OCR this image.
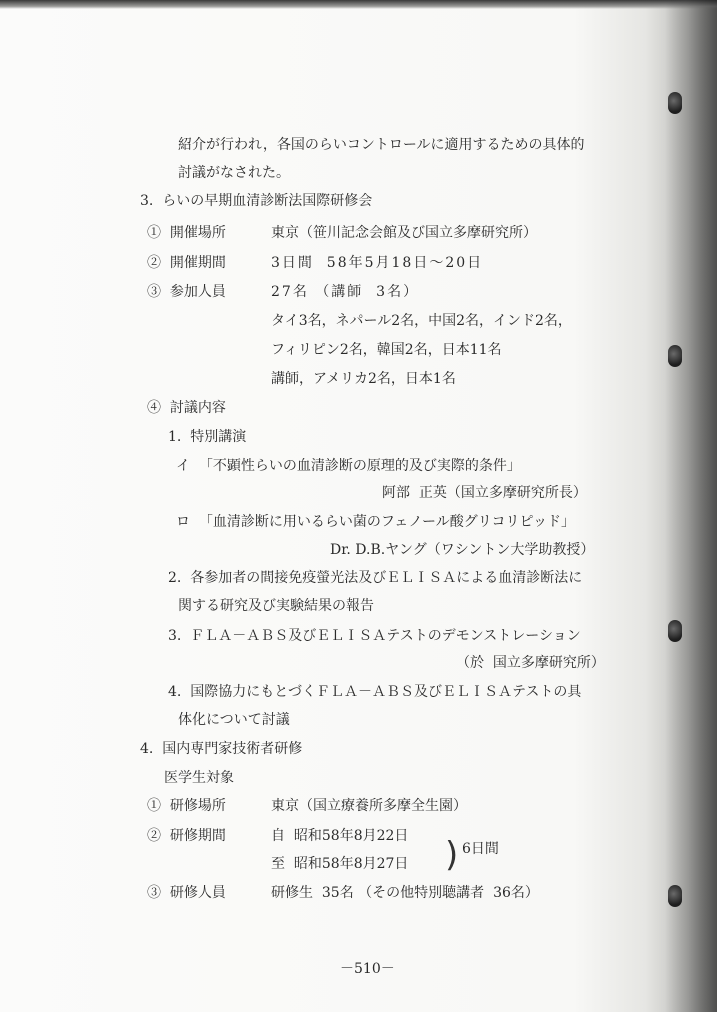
紹介が行われ，各国のらいコントロールに適用するための具体的
討議がなされた。
3.  らいの早期血清診断法国際研修会
①  開催場所	東京（笹川記念会館及び国立多摩研究所）
②  開催期間	3日間  58年5月18日～20日
③  参加人員	27名 （講師  3名）
タイ3名，ネパール2名，中国2名，インド2名，
フィリピン2名，韓国2名，日本11名
講師，アメリカ2名，日本1名
④  討議内容
1.  特別講演
イ  「不顕性らいの血清診断の原理的及び実際的条件」
阿部  正英（国立多摩研究所長）
ロ  「血清診断に用いるらい菌のフェノール酸グリコリピッド」
Dr. D.B.ヤング（ワシントン大学助教授）
2.  各参加者の間接免疫螢光法及びＥＬＩＳＡによる血清診断法に
関する研究及び実験結果の報告
3.  ＦＬＡ－ＡＢＳ及びＥＬＩＳＡテストのデモンストレーション
（於  国立多摩研究所）
4.  国際協力にもとづくＦＬＡ－ＡＢＳ及びＥＬＩＳＡテストの具
体化について討議
4.  国内専門家技術者研修
医学生対象
①  研修場所	東京（国立療養所多摩全生園）
②  研修期間	自  昭和58年8月22日
至  昭和58年8月27日 ) 6日間
③  研修人員	研修生  35名 （その他特別聴講者  36名）
－510－
